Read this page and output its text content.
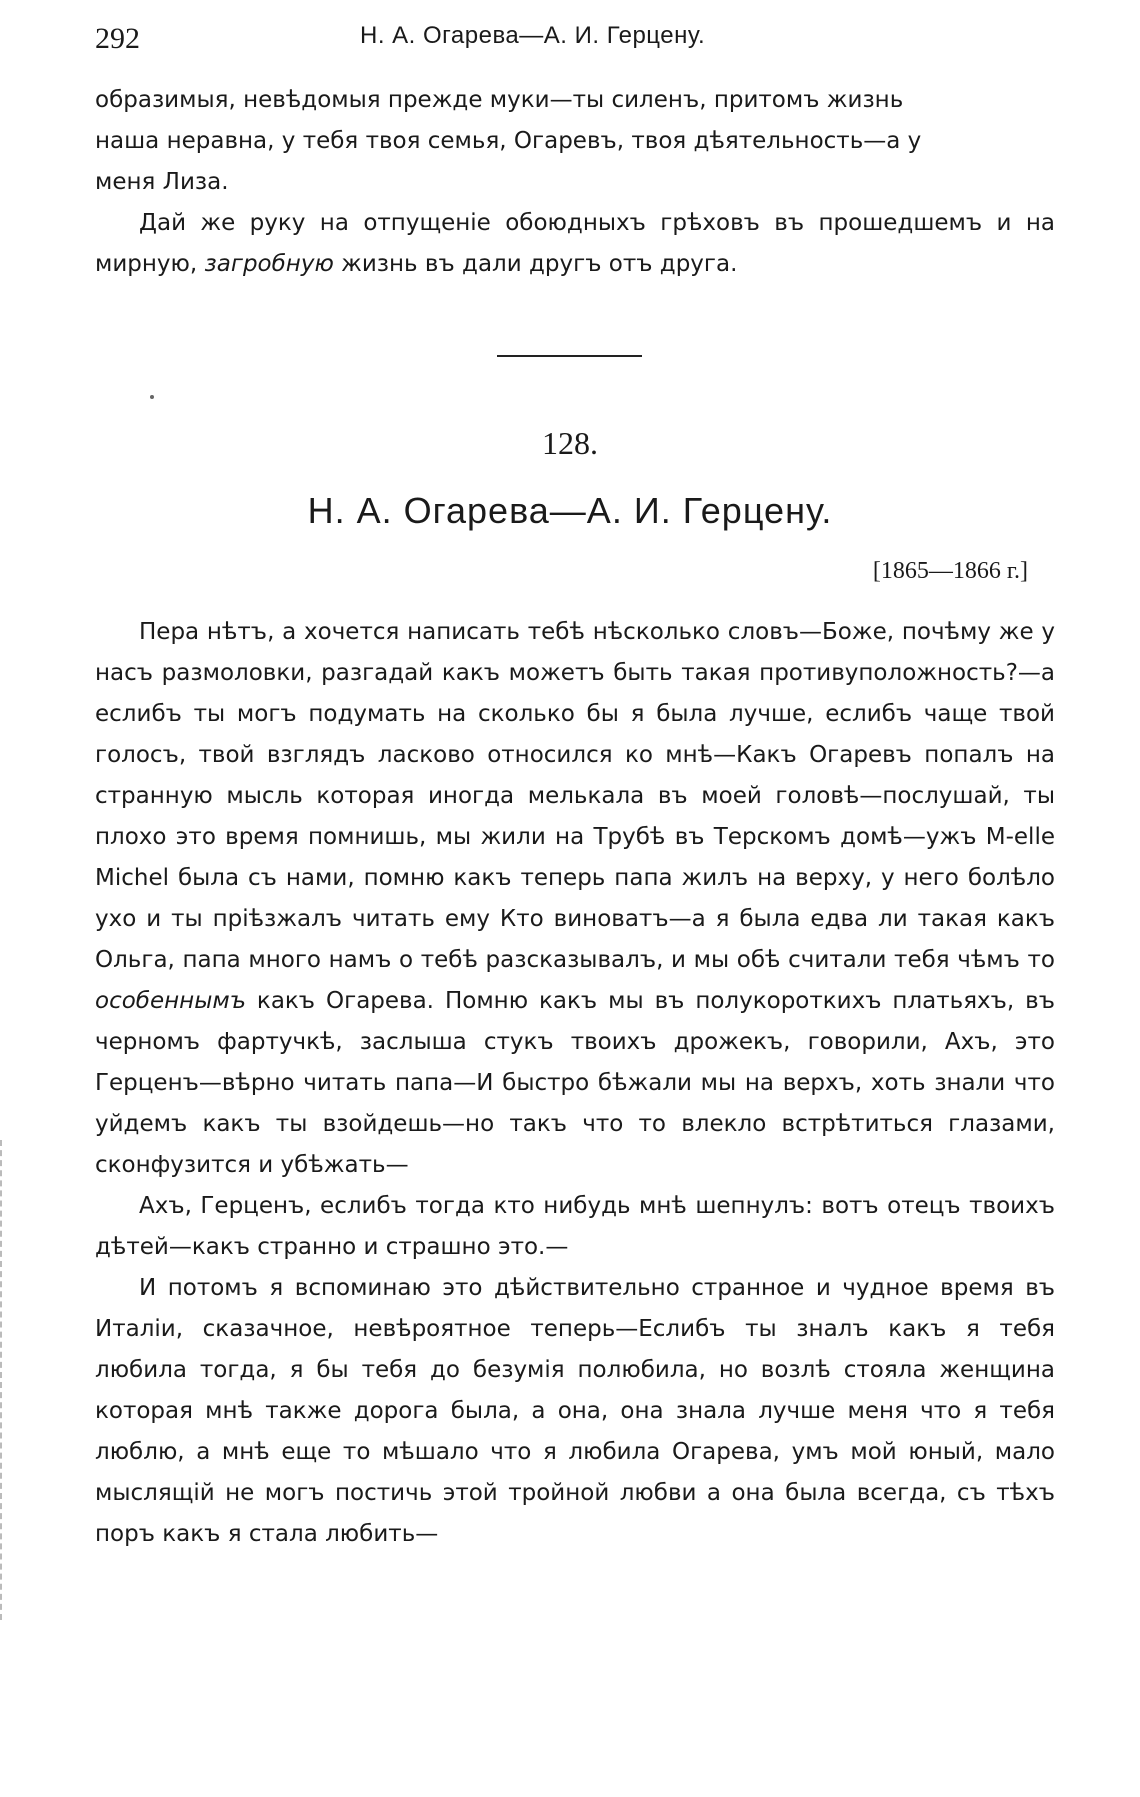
292	Н. А. Огарева—А. И. Герцену.

образимыя, невѣдомыя прежде муки—ты силенъ, притомъ жизнь
наша неравна, у тебя твоя семья, Огаревъ, твоя дѣятельность—а у
меня Лиза.

Дай же руку на отпущеніе обоюдныхъ грѣховъ въ прошедшемъ и на мирную, загробную жизнь въ дали другъ отъ друга.

128.
Н. А. Огарева—А. И. Герцену.
[1865—1866 г.]

Пера нѣтъ, а хочется написать тебѣ нѣсколько словъ—Боже, почѣму же у насъ размоловки, разгадай какъ можетъ быть такая противуположность?—а еслибъ ты могъ подумать на сколько бы я была лучше, еслибъ чаще твой голосъ, твой взглядъ ласково относился ко мнѣ—Какъ Огаревъ попалъ на странную мысль которая иногда мелькала въ моей головѣ—послушай, ты плохо это время помнишь, мы жили на Трубѣ въ Терскомъ домѣ—ужъ M-elle Michel была съ нами, помню какъ теперь папа жилъ на верху, у него болѣло ухо и ты пріѣзжалъ читать ему Кто виноватъ—а я была едва ли такая какъ Ольга, папа много намъ о тебѣ разсказывалъ, и мы обѣ считали тебя чѣмъ то особеннымъ какъ Огарева. Помню какъ мы въ полукороткихъ платьяхъ, въ черномъ фартучкѣ, заслыша стукъ твоихъ дрожекъ, говорили, Ахъ, это Герценъ—вѣрно читать папа—И быстро бѣжали мы на верхъ, хоть знали что уйдемъ какъ ты взойдешь—но такъ что то влекло встрѣтиться глазами, сконфузится и убѣжать—

Ахъ, Герценъ, еслибъ тогда кто нибудь мнѣ шепнулъ: вотъ отецъ твоихъ дѣтей—какъ странно и страшно это.—

И потомъ я вспоминаю это дѣйствительно странное и чудное время въ Италіи, сказачное, невѣроятное теперь—Еслибъ ты зналъ какъ я тебя любила тогда, я бы тебя до безумія полюбила, но возлѣ стояла женщина которая мнѣ также дорога была, а она, она знала лучше меня что я тебя люблю, а мнѣ еще то мѣшало что я любила Огарева, умъ мой юный, мало мыслящій не могъ постичь этой тройной любви а она была всегда, съ тѣхъ поръ какъ я стала любить—
